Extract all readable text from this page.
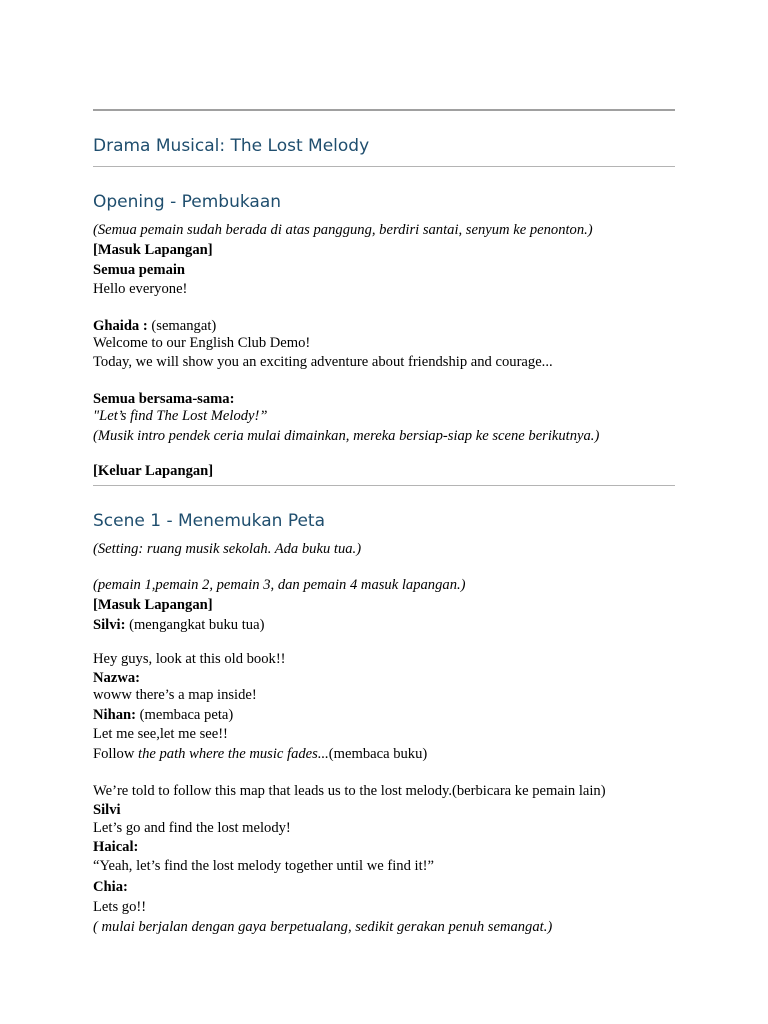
Drama Musical: The Lost Melody
Opening - Pembukaan
(Semua pemain sudah berada di atas panggung, berdiri santai, senyum ke penonton.)
[Masuk Lapangan]
Semua pemain
Hello everyone!
Ghaida : (semangat)
Welcome to our English Club Demo!
Today, we will show you an exciting adventure about friendship and courage...
Semua bersama-sama:
"Let’s find The Lost Melody!”
(Musik intro pendek ceria mulai dimainkan, mereka bersiap-siap ke scene berikutnya.)
[Keluar Lapangan]
Scene 1 - Menemukan Peta
(Setting: ruang musik sekolah. Ada buku tua.)
(pemain 1,pemain 2, pemain 3, dan pemain 4 masuk lapangan.)
[Masuk Lapangan]
Silvi: (mengangkat buku tua)
Hey guys, look at this old book!!
Nazwa:
woww there’s a map inside!
Nihan: (membaca peta)
Let me see,let me see!!
Follow the path where the music fades...(membaca buku)
We’re told to follow this map that leads us to the lost melody.(berbicara ke pemain lain)
Silvi
Let’s go and find the lost melody!
Haical:
“Yeah, let’s find the lost melody together until we find it!”
Chia:
Lets go!!
( mulai berjalan dengan gaya berpetualang, sedikit gerakan penuh semangat.)
